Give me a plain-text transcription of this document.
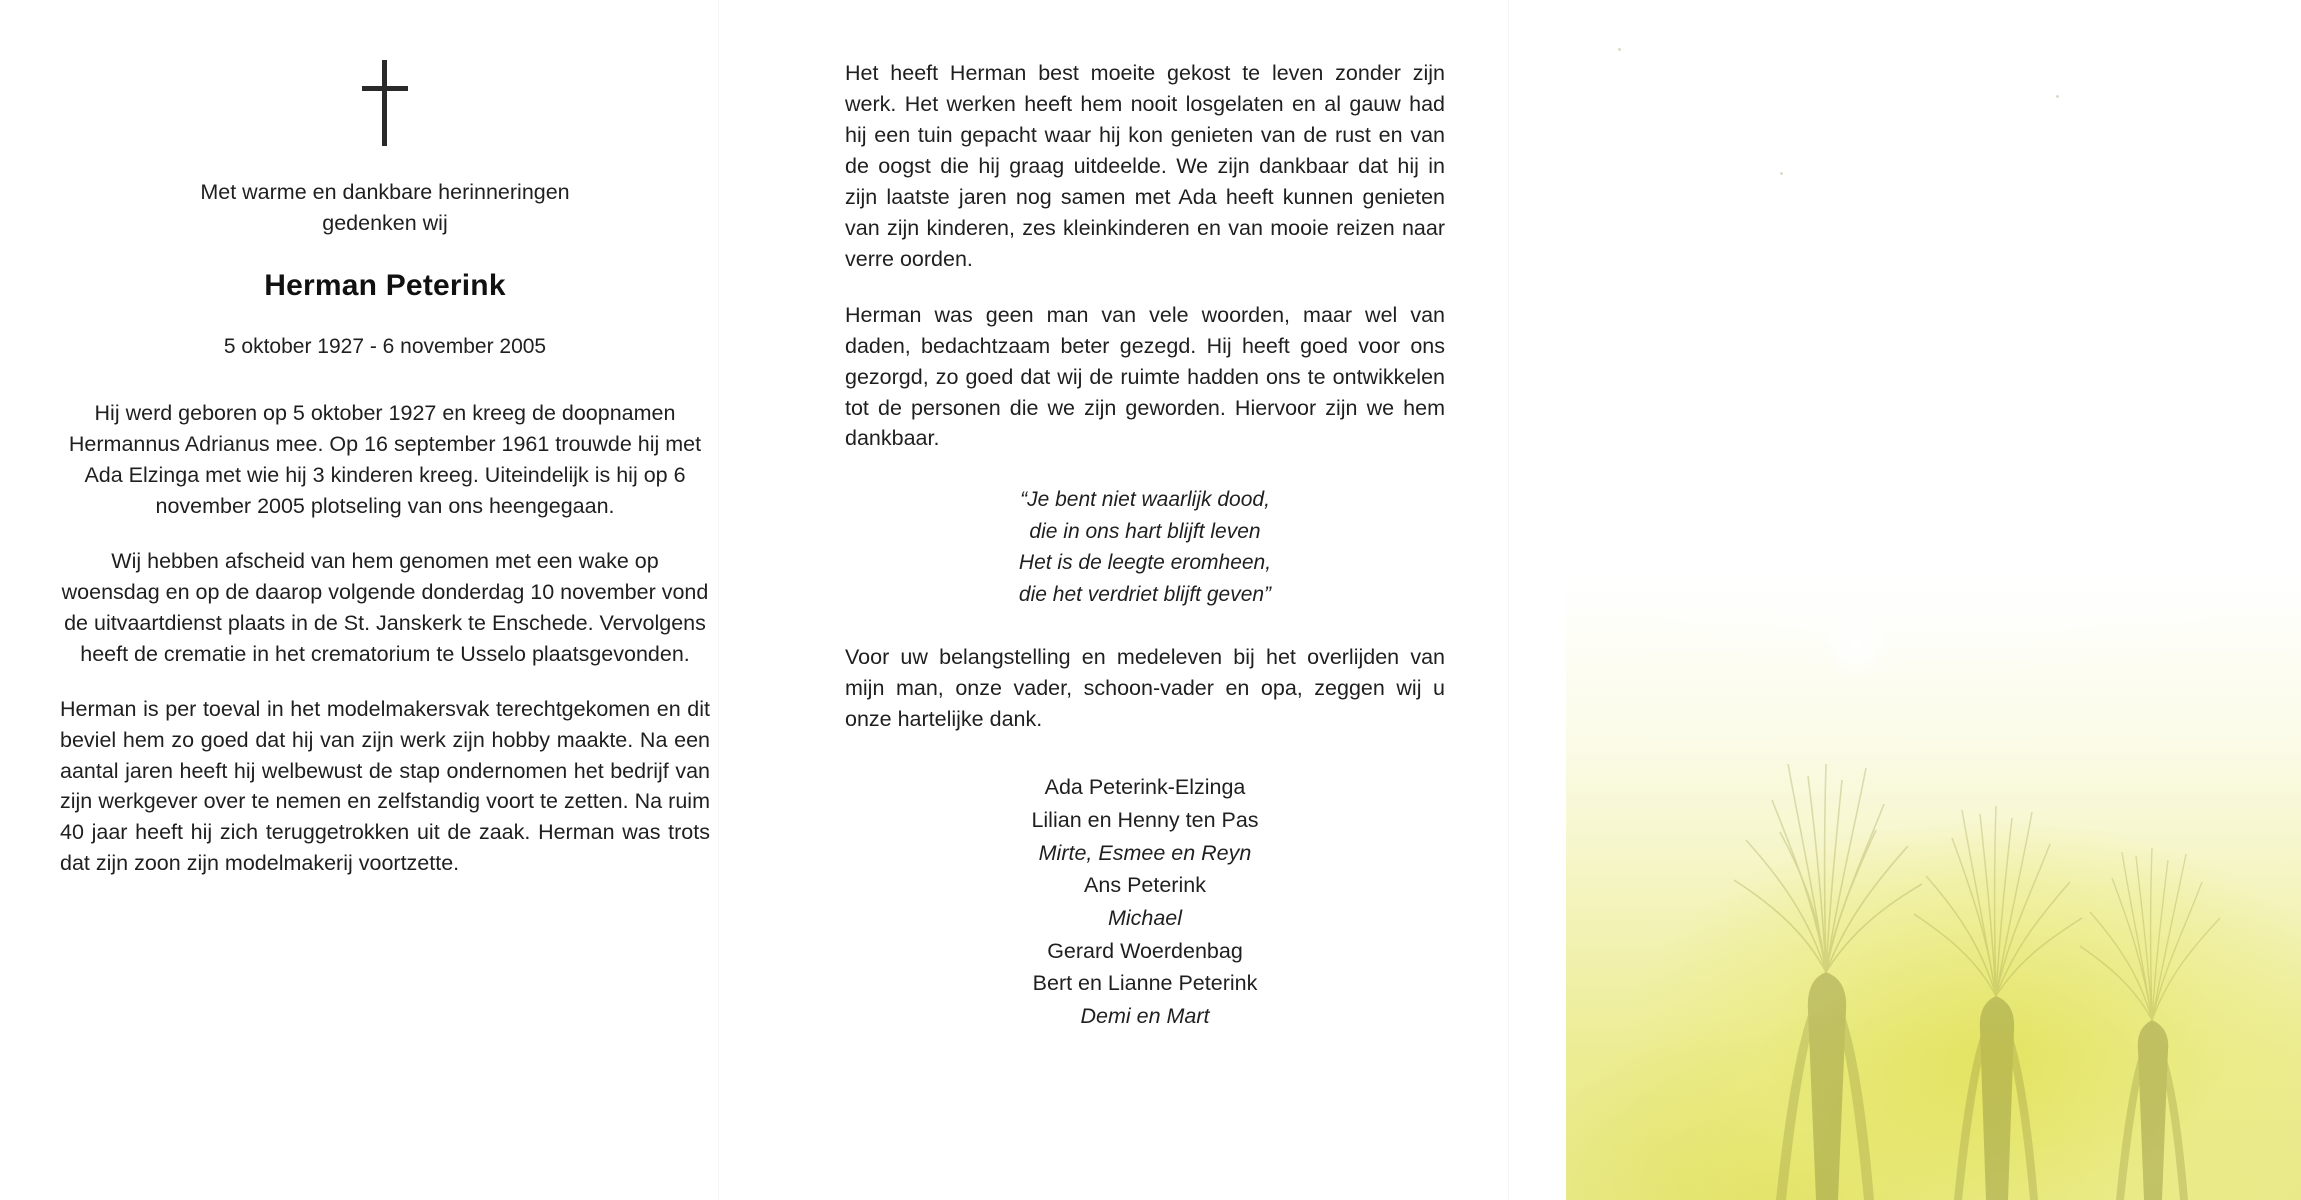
Met warme en dankbare herinneringen
gedenken wij
Herman Peterink
5 oktober 1927 - 6 november 2005
Hij werd geboren op 5 oktober 1927 en kreeg de doopnamen Hermannus Adrianus mee. Op 16 september 1961 trouwde hij met Ada Elzinga met wie hij 3 kinderen kreeg. Uiteindelijk is hij op 6 november 2005 plotseling van ons heengegaan.
Wij hebben afscheid van hem genomen met een wake op woensdag en op de daarop volgende donderdag 10 november vond de uitvaartdienst plaats in de St. Janskerk te Enschede. Vervolgens heeft de crematie in het crematorium te Usselo plaatsgevonden.
Herman is per toeval in het modelmakersvak terechtgekomen en dit beviel hem zo goed dat hij van zijn werk zijn hobby maakte. Na een aantal jaren heeft hij welbewust de stap ondernomen het bedrijf van zijn werkgever over te nemen en zelfstandig voort te zetten. Na ruim 40 jaar heeft hij zich teruggetrokken uit de zaak. Herman was trots dat zijn zoon zijn modelmakerij voortzette.

Het heeft Herman best moeite gekost te leven zonder zijn werk. Het werken heeft hem nooit losgelaten en al gauw had hij een tuin gepacht waar hij kon genieten van de rust en van de oogst die hij graag uitdeelde. We zijn dankbaar dat hij in zijn laatste jaren nog samen met Ada heeft kunnen genieten van zijn kinderen, zes kleinkinderen en van mooie reizen naar verre oorden.

Herman was geen man van vele woorden, maar wel van daden, bedachtzaam beter gezegd. Hij heeft goed voor ons gezorgd, zo goed dat wij de ruimte hadden ons te ontwikkelen tot de personen die we zijn geworden. Hiervoor zijn we hem dankbaar.

“Je bent niet waarlijk dood,
die in ons hart blijft leven
Het is de leegte eromheen,
die het verdriet blijft geven”

Voor uw belangstelling en medeleven bij het overlijden van mijn man, onze vader, schoon-vader en opa, zeggen wij u onze hartelijke dank.

Ada Peterink-Elzinga
Lilian en Henny ten Pas
Mirte, Esmee en Reyn
Ans Peterink
Michael
Gerard Woerdenbag
Bert en Lianne Peterink
Demi en Mart
